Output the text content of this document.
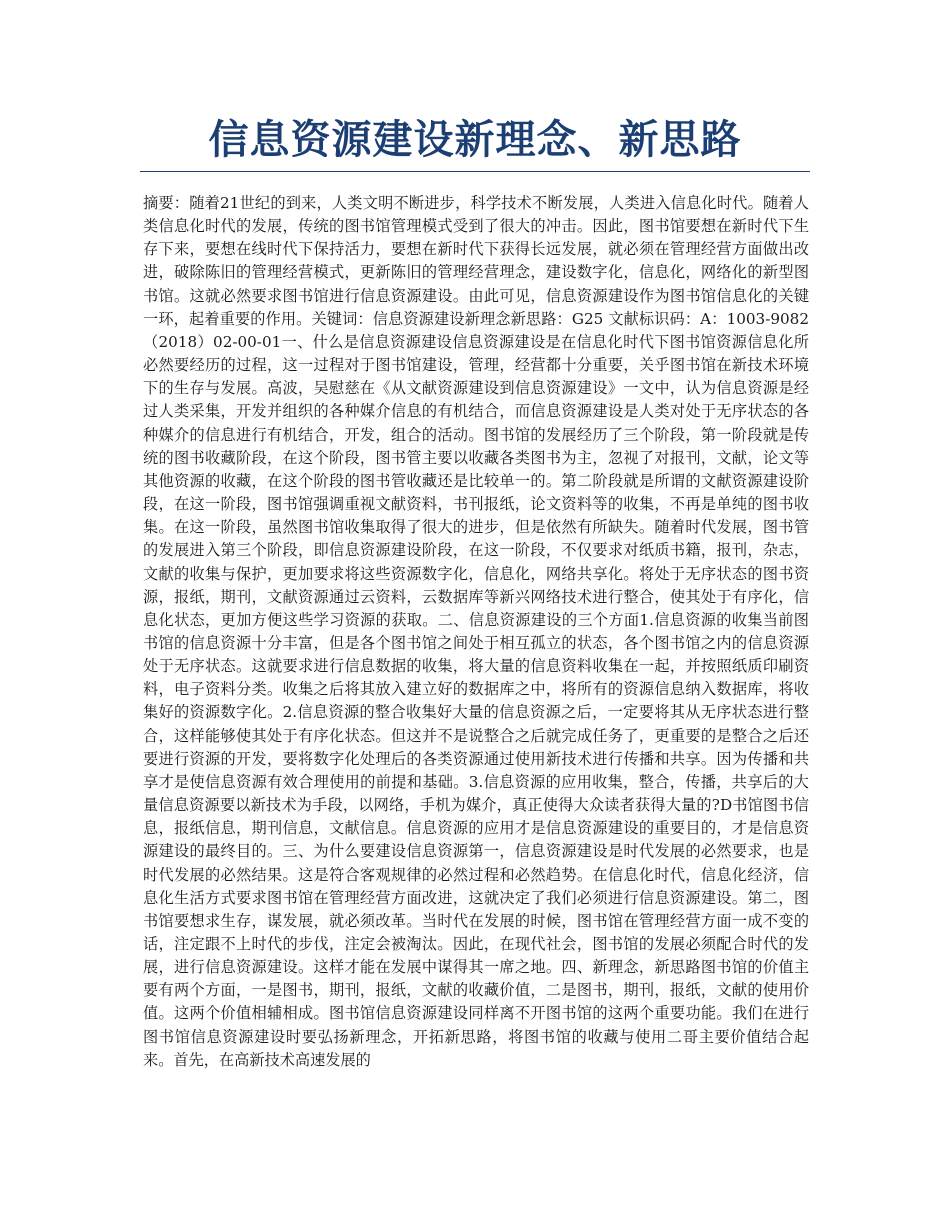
信息资源建设新理念、新思路

摘要：随着21世纪的到来，人类文明不断进步，科学技术不断发展，人类进入信息化时代。随着人类信息化时代的发展，传统的图书馆管理模式受到了很大的冲击。因此，图书馆要想在新时代下生存下来，要想在线时代下保持活力，要想在新时代下获得长远发展，就必须在管理经营方面做出改进，破除陈旧的管理经营模式，更新陈旧的管理经营理念，建设数字化，信息化，网络化的新型图书馆。这就必然要求图书馆进行信息资源建设。由此可见，信息资源建设作为图书馆信息化的关键一环，起着重要的作用。关键词：信息资源建设新理念新思路：G25 文献标识码：A：1003-9082（2018）02-00-01一、什么是信息资源建设信息资源建设是在信息化时代下图书馆资源信息化所必然要经历的过程，这一过程对于图书馆建设，管理，经营都十分重要，关乎图书馆在新技术环境下的生存与发展。高波，吴慰慈在《从文献资源建设到信息资源建设》一文中，认为信息资源是经过人类采集，开发并组织的各种媒介信息的有机结合，而信息资源建设是人类对处于无序状态的各种媒介的信息进行有机结合，开发，组合的活动。图书馆的发展经历了三个阶段，第一阶段就是传统的图书收藏阶段，在这个阶段，图书管主要以收藏各类图书为主，忽视了对报刊，文献，论文等其他资源的收藏，在这个阶段的图书管收藏还是比较单一的。第二阶段就是所谓的文献资源建设阶段，在这一阶段，图书馆强调重视文献资料，书刊报纸，论文资料等的收集，不再是单纯的图书收集。在这一阶段，虽然图书馆收集取得了很大的进步，但是依然有所缺失。随着时代发展，图书管的发展进入第三个阶段，即信息资源建设阶段，在这一阶段，不仅要求对纸质书籍，报刊，杂志，文献的收集与保护，更加要求将这些资源数字化，信息化，网络共享化。将处于无序状态的图书资源，报纸，期刊，文献资源通过云资料，云数据库等新兴网络技术进行整合，使其处于有序化，信息化状态，更加方便这些学习资源的获取。二、信息资源建设的三个方面1.信息资源的收集当前图书馆的信息资源十分丰富，但是各个图书馆之间处于相互孤立的状态，各个图书馆之内的信息资源处于无序状态。这就要求进行信息数据的收集，将大量的信息资料收集在一起，并按照纸质印刷资料，电子资料分类。收集之后将其放入建立好的数据库之中，将所有的资源信息纳入数据库，将收集好的资源数字化。2.信息资源的整合收集好大量的信息资源之后，一定要将其从无序状态进行整合，这样能够使其处于有序化状态。但这并不是说整合之后就完成任务了，更重要的是整合之后还要进行资源的开发，要将数字化处理后的各类资源通过使用新技术进行传播和共享。因为传播和共享才是使信息资源有效合理使用的前提和基础。3.信息资源的应用收集，整合，传播，共享后的大量信息资源要以新技术为手段，以网络，手机为媒介，真正使得大众读者获得大量的?D书馆图书信息，报纸信息，期刊信息，文献信息。信息资源的应用才是信息资源建设的重要目的，才是信息资源建设的最终目的。三、为什么要建设信息资源第一，信息资源建设是时代发展的必然要求，也是时代发展的必然结果。这是符合客观规律的必然过程和必然趋势。在信息化时代，信息化经济，信息化生活方式要求图书馆在管理经营方面改进，这就决定了我们必须进行信息资源建设。第二，图书馆要想求生存，谋发展，就必须改革。当时代在发展的时候，图书馆在管理经营方面一成不变的话，注定跟不上时代的步伐，注定会被淘汰。因此，在现代社会，图书馆的发展必须配合时代的发展，进行信息资源建设。这样才能在发展中谋得其一席之地。四、新理念，新思路图书馆的价值主要有两个方面，一是图书，期刊，报纸，文献的收藏价值，二是图书，期刊，报纸，文献的使用价值。这两个价值相辅相成。图书馆信息资源建设同样离不开图书馆的这两个重要功能。我们在进行图书馆信息资源建设时要弘扬新理念，开拓新思路，将图书馆的收藏与使用二哥主要价值结合起来。首先，在高新技术高速发展的
